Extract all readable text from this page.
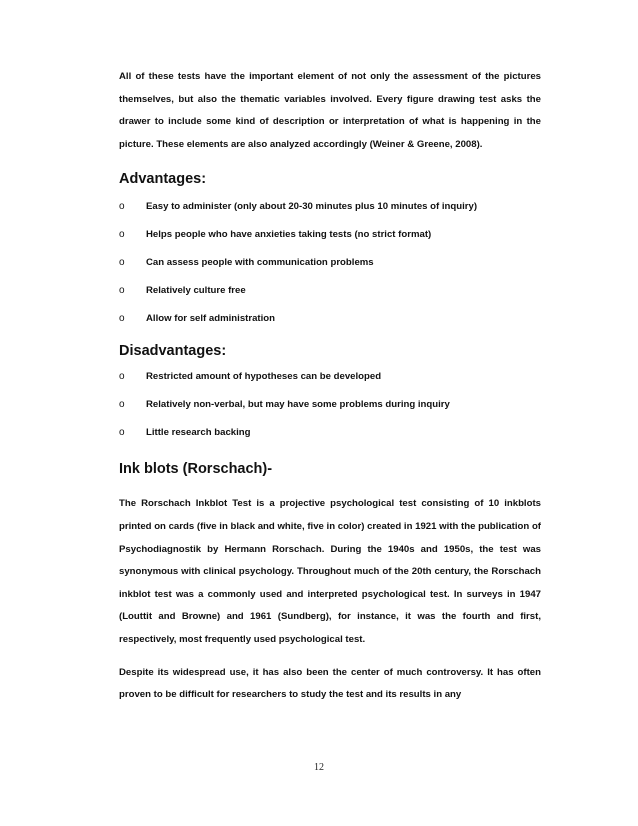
All of these tests have the important element of not only the assessment of the pictures themselves, but also the thematic variables involved. Every figure drawing test asks the drawer to include some kind of description or interpretation of what is happening in the picture. These elements are also analyzed accordingly (Weiner & Greene, 2008).

Advantages:
o	Easy to administer (only about 20-30 minutes plus 10 minutes of inquiry)
o	Helps people who have anxieties taking tests (no strict format)
o	Can assess people with communication problems
o	Relatively culture free
o	Allow for self administration
Disadvantages:
o	Restricted amount of hypotheses can be developed
o	Relatively non-verbal, but may have some problems during inquiry
o	Little research backing
Ink blots (Rorschach)-

The Rorschach Inkblot Test is a projective psychological test consisting of 10 inkblots printed on cards (five in black and white, five in color) created in 1921 with the publication of Psychodiagnostik by Hermann Rorschach. During the 1940s and 1950s, the test was synonymous with clinical psychology. Throughout much of the 20th century, the Rorschach inkblot test was a commonly used and interpreted psychological test. In surveys in 1947 (Louttit and Browne) and 1961 (Sundberg), for instance, it was the fourth and first, respectively, most frequently used psychological test.

Despite its widespread use, it has also been the center of much controversy. It has often proven to be difficult for researchers to study the test and its results in any

12
